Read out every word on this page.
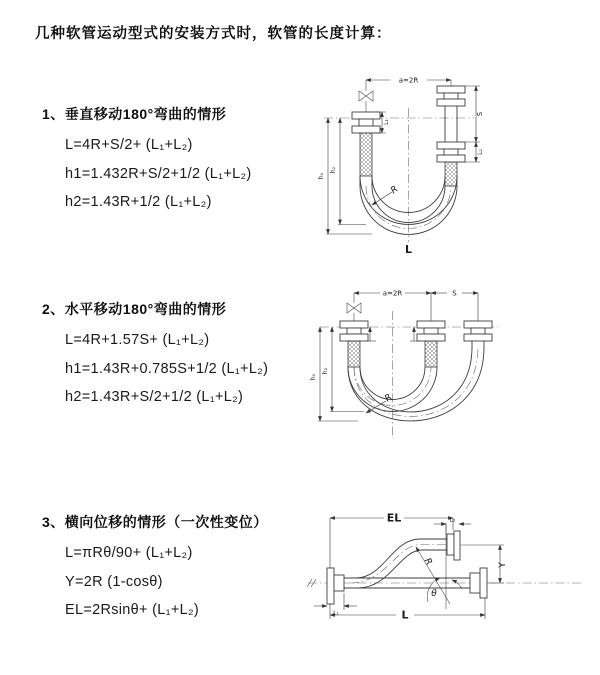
几种软管运动型式的安装方式时，软管的长度计算：
1、垂直移动180°弯曲的情形
L=4R+S/2+ (L₁+L₂)
h1=1.432R+S/2+1/2 (L₁+L₂)
h2=1.43R+1/2 (L₁+L₂)
2、水平移动180°弯曲的情形
L=4R+1.57S+ (L₁+L₂)
h1=1.43R+0.785S+1/2 (L₁+L₂)
h2=1.43R+S/2+1/2 (L₁+L₂)
3、横向位移的情形（一次性变位）
L=πRθ/90+ (L₁+L₂)
Y=2R (1-cosθ)
EL=2Rsinθ+ (L₁+L₂)
a=2R
h₁
h₂
L₁
S
L₂
R
L
a=2R	S
h₁
h₂
R
EL	L₂
Y
R
θ
L
L₁
